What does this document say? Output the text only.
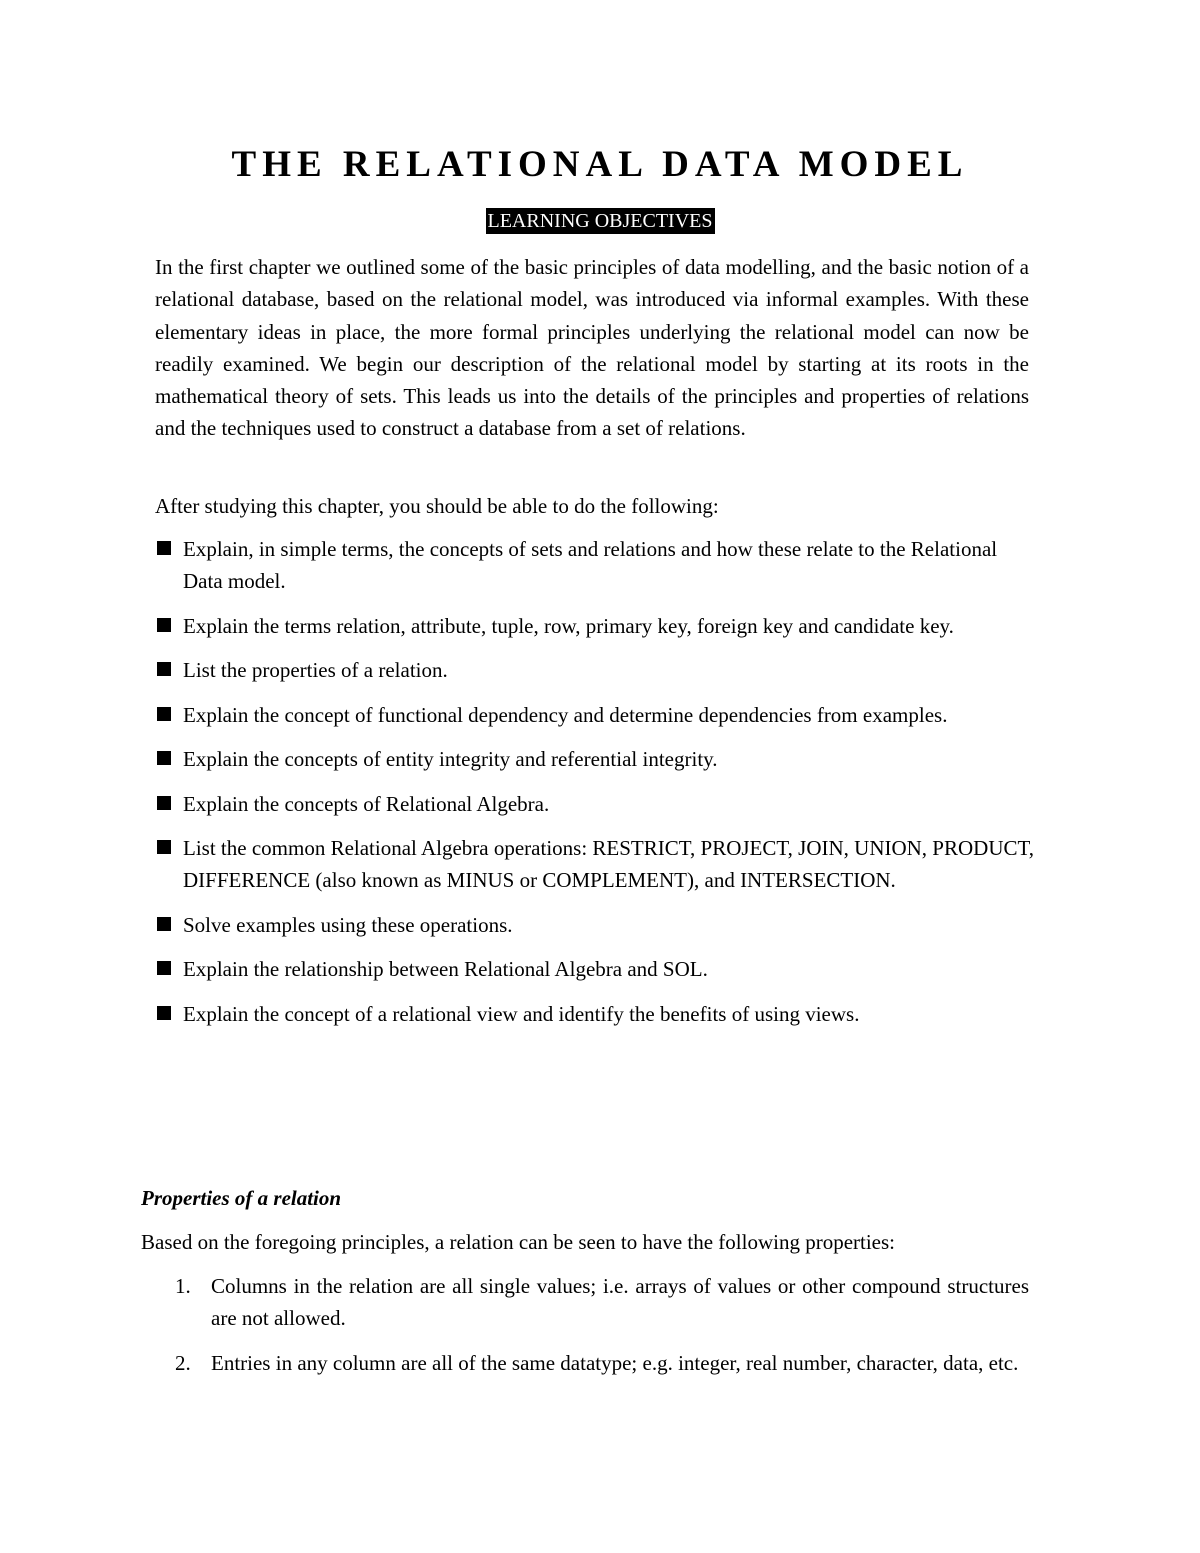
THE RELATIONAL DATA MODEL
LEARNING OBJECTIVES

In the first chapter we outlined some of the basic principles of data modelling, and the basic notion of a relational database, based on the relational model, was introduced via informal examples. With these elementary ideas in place, the more formal principles underlying the relational model can now be readily examined. We begin our description of the relational model by starting at its roots in the mathematical theory of sets. This leads us into the details of the principles and properties of relations and the techniques used to construct a database from a set of relations.

After studying this chapter, you should be able to do the following:

Explain, in simple terms, the concepts of sets and relations and how these relate to the Relational Data model.
Explain the terms relation, attribute, tuple, row, primary key, foreign key and candidate key.
List the properties of a relation.
Explain the concept of functional dependency and determine dependencies from examples.
Explain the concepts of entity integrity and referential integrity.
Explain the concepts of Relational Algebra.
List the common Relational Algebra operations: RESTRICT, PROJECT, JOIN, UNION, PRODUCT, DIFFERENCE (also known as MINUS or COMPLEMENT), and INTERSECTION.
Solve examples using these operations.
Explain the relationship between Relational Algebra and SOL.
Explain the concept of a relational view and identify the benefits of using views.
Properties of a relation

Based on the foregoing principles, a relation can be seen to have the following properties:

1. Columns in the relation are all single values; i.e. arrays of values or other compound structures are not allowed.
2. Entries in any column are all of the same datatype; e.g. integer, real number, character, data, etc.
